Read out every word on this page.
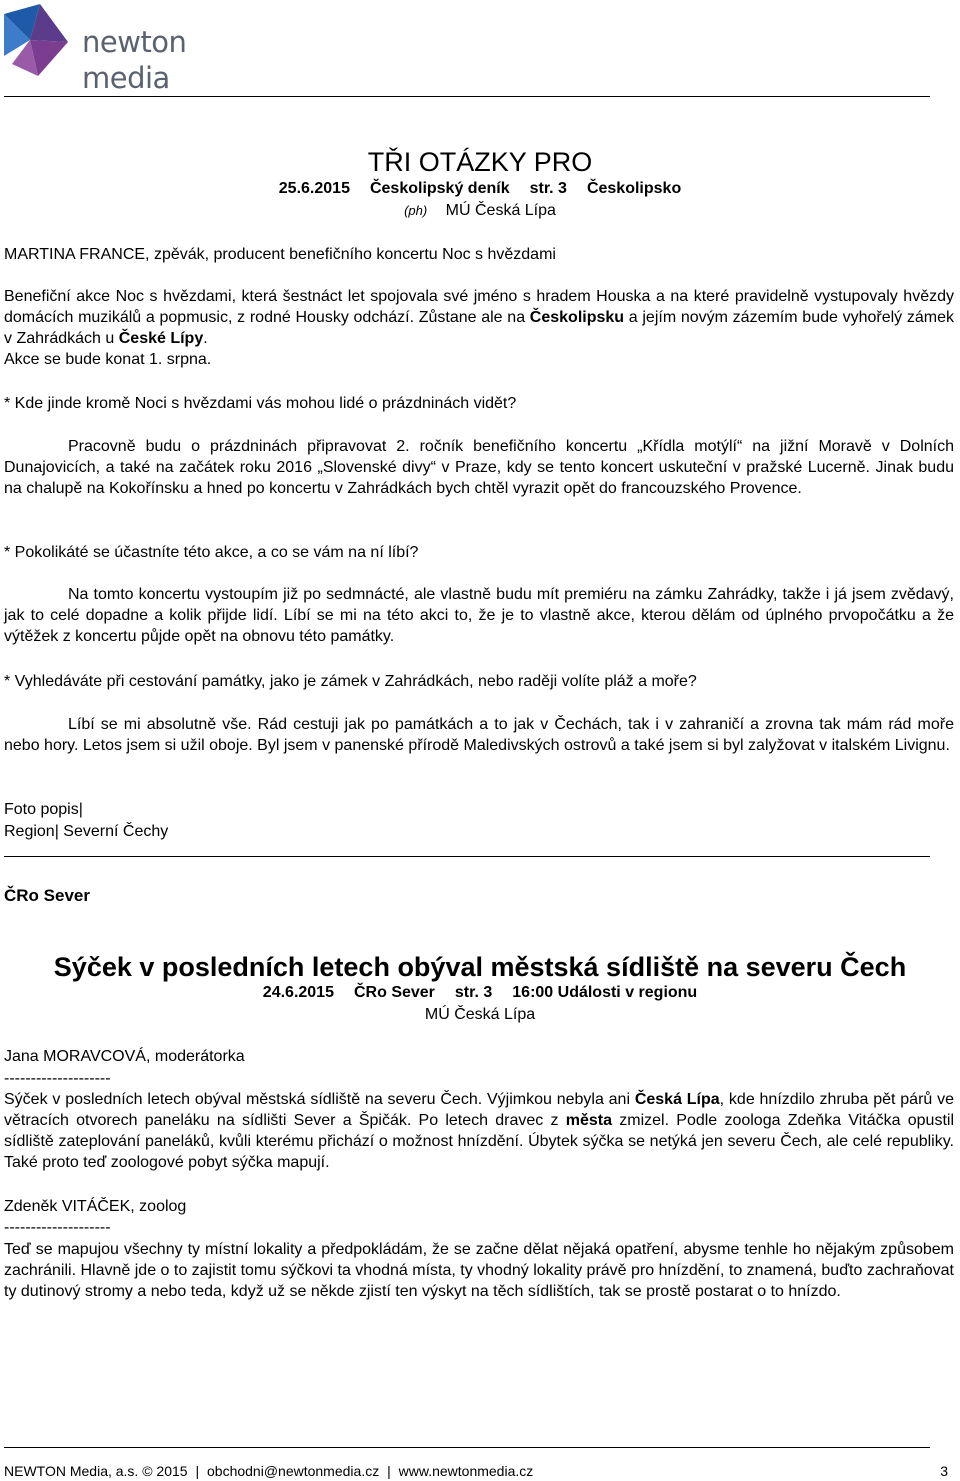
newton media
TŘI OTÁZKY PRO
25.6.2015 Českolipský deník str. 3 Českolipsko
(ph) MÚ Česká Lípa
MARTINA FRANCE, zpěvák, producent benefičního koncertu Noc s hvězdami
Benefiční akce Noc s hvězdami, která šestnáct let spojovala své jméno s hradem Houska a na které pravidelně vystupovaly hvězdy domácích muzikálů a popmusic, z rodné Housky odchází. Zůstane ale na Českolipsku a jejím novým zázemím bude vyhořelý zámek v Zahrádkách u České Lípy.
Akce se bude konat 1. srpna.
* Kde jinde kromě Noci s hvězdami vás mohou lidé o prázdninách vidět?
Pracovně budu o prázdninách připravovat 2. ročník benefičního koncertu „Křídla motýlí“ na jižní Moravě v Dolních Dunajovicích, a také na začátek roku 2016 „Slovenské divy“ v Praze, kdy se tento koncert uskuteční v pražské Lucerně. Jinak budu na chalupě na Kokořínsku a hned po koncertu v Zahrádkách bych chtěl vyrazit opět do francouzského Provence.
* Pokolikáté se účastníte této akce, a co se vám na ní líbí?
Na tomto koncertu vystoupím již po sedmnácté, ale vlastně budu mít premiéru na zámku Zahrádky, takže i já jsem zvědavý, jak to celé dopadne a kolik přijde lidí. Líbí se mi na této akci to, že je to vlastně akce, kterou dělám od úplného prvopočátku a že výtěžek z koncertu půjde opět na obnovu této památky.
* Vyhledáváte při cestování památky, jako je zámek v Zahrádkách, nebo raději volíte pláž a moře?
Líbí se mi absolutně vše. Rád cestuji jak po památkách a to jak v Čechách, tak i v zahraničí a zrovna tak mám rád moře nebo hory. Letos jsem si užil oboje. Byl jsem v panenské přírodě Maledivských ostrovů a také jsem si byl zalyžovat v italském Livignu.
Foto popis|
Region| Severní Čechy
ČRo Sever
Sýček v posledních letech obýval městská sídliště na severu Čech
24.6.2015 ČRo Sever str. 3 16:00 Události v regionu
MÚ Česká Lípa
Jana MORAVCOVÁ, moderátorka
--------------------
Sýček v posledních letech obýval městská sídliště na severu Čech. Výjimkou nebyla ani Česká Lípa, kde hnízdilo zhruba pět párů ve větracích otvorech paneláku na sídlišti Sever a Špičák. Po letech dravec z města zmizel. Podle zoologa Zdeňka Vitáčka opustil sídliště zateplování paneláků, kvůli kterému přichází o možnost hnízdění. Úbytek sýčka se netýká jen severu Čech, ale celé republiky. Také proto teď zoologové pobyt sýčka mapují.
Zdeněk VITÁČEK, zoolog
--------------------
Teď se mapujou všechny ty místní lokality a předpokládám, že se začne dělat nějaká opatření, abysme tenhle ho nějakým způsobem zachránili. Hlavně jde o to zajistit tomu sýčkovi ta vhodná místa, ty vhodný lokality právě pro hnízdění, to znamená, buďto zachraňovat ty dutinový stromy a nebo teda, když už se někde zjistí ten výskyt na těch sídlištích, tak se prostě postarat o to hnízdo.
NEWTON Media, a.s. © 2015 | obchodni@newtonmedia.cz | www.newtonmedia.cz	3
